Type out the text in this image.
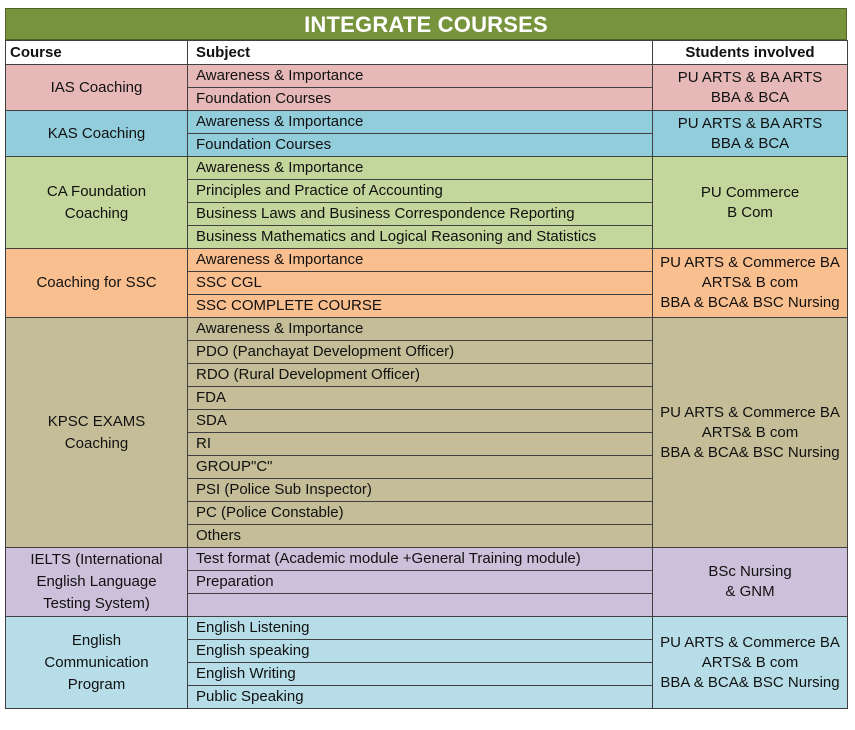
INTEGRATE COURSES
Course	Subject	Students involved

IAS Coaching	Awareness & Importance	PU ARTS & BA ARTS
BBA & BCA

	Foundation Courses	

KAS Coaching	Awareness & Importance	PU ARTS & BA ARTS
BBA & BCA

	Foundation Courses	

CA Foundation
Coaching	Awareness & Importance	PU Commerce
B Com

	Principles and Practice of Accounting	
	Business Laws and Business Correspondence Reporting	
	Business Mathematics and Logical Reasoning and Statistics	

Coaching for SSC	Awareness & Importance	PU ARTS & Commerce BA
ARTS& B com
BBA & BCA& BSC Nursing

	SSC CGL	
	SSC COMPLETE COURSE	

KPSC EXAMS
Coaching	Awareness & Importance	PU ARTS & Commerce BA
ARTS& B com
BBA & BCA& BSC Nursing

	PDO (Panchayat Development Officer)	
	RDO (Rural Development Officer)	
	FDA	
	SDA	
	RI	
	GROUP"C"	
	PSI (Police Sub Inspector)	
	PC (Police Constable)	
	Others	

IELTS (International
English Language
Testing System)	Test format (Academic module +General Training module)	BSc Nursing
& GNM

	Preparation	

English
Communication
Program	English Listening	PU ARTS & Commerce BA
ARTS& B com
BBA & BCA& BSC Nursing

	English speaking	
	English Writing	
	Public Speaking	
